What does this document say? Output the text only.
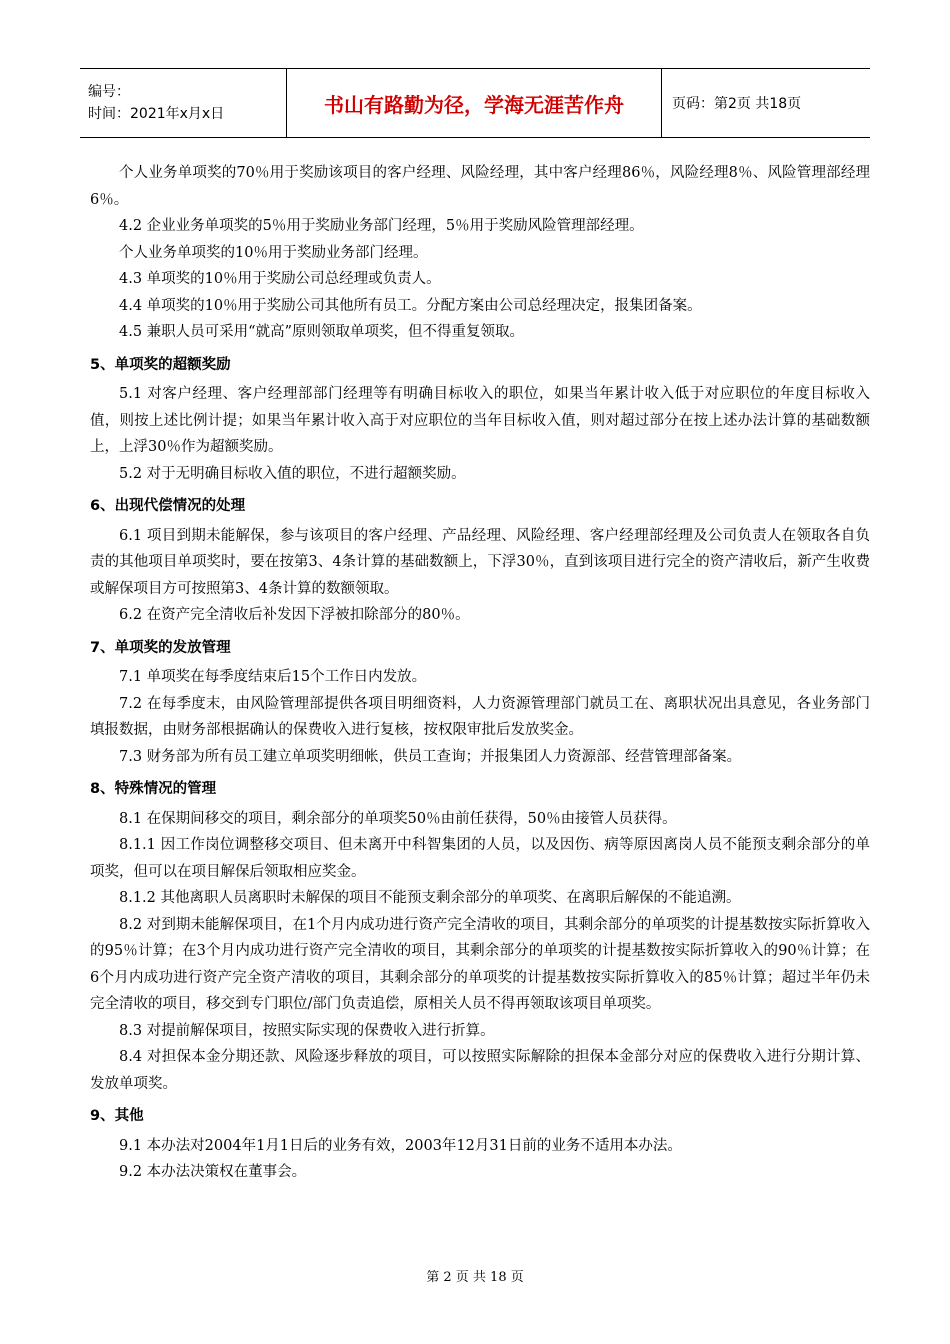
编号：
时间：2021年x月x日	书山有路勤为径，学海无涯苦作舟	页码：第2页 共18页

个人业务单项奖的70％用于奖励该项目的客户经理、风险经理，其中客户经理86％，风险经理8％、风险管理部经理6％。

4.2 企业业务单项奖的5％用于奖励业务部门经理，5％用于奖励风险管理部经理。

个人业务单项奖的10％用于奖励业务部门经理。

4.3 单项奖的10％用于奖励公司总经理或负责人。

4.4 单项奖的10％用于奖励公司其他所有员工。分配方案由公司总经理决定，报集团备案。

4.5 兼职人员可采用“就高”原则领取单项奖，但不得重复领取。

5、单项奖的超额奖励

5.1 对客户经理、客户经理部部门经理等有明确目标收入的职位，如果当年累计收入低于对应职位的年度目标收入值，则按上述比例计提；如果当年累计收入高于对应职位的当年目标收入值，则对超过部分在按上述办法计算的基础数额上，上浮30％作为超额奖励。

5.2 对于无明确目标收入值的职位，不进行超额奖励。

6、出现代偿情况的处理

6.1 项目到期未能解保，参与该项目的客户经理、产品经理、风险经理、客户经理部经理及公司负责人在领取各自负责的其他项目单项奖时，要在按第3、4条计算的基础数额上，下浮30％，直到该项目进行完全的资产清收后，新产生收费或解保项目方可按照第3、4条计算的数额领取。

6.2 在资产完全清收后补发因下浮被扣除部分的80％。

7、单项奖的发放管理

7.1 单项奖在每季度结束后15个工作日内发放。

7.2 在每季度末，由风险管理部提供各项目明细资料，人力资源管理部门就员工在、离职状况出具意见，各业务部门填报数据，由财务部根据确认的保费收入进行复核，按权限审批后发放奖金。

7.3 财务部为所有员工建立单项奖明细帐，供员工查询；并报集团人力资源部、经营管理部备案。

8、特殊情况的管理

8.1 在保期间移交的项目，剩余部分的单项奖50％由前任获得，50％由接管人员获得。

8.1.1 因工作岗位调整移交项目、但未离开中科智集团的人员，以及因伤、病等原因离岗人员不能预支剩余部分的单项奖，但可以在项目解保后领取相应奖金。

8.1.2 其他离职人员离职时未解保的项目不能预支剩余部分的单项奖、在离职后解保的不能追溯。

8.2 对到期未能解保项目，在1个月内成功进行资产完全清收的项目，其剩余部分的单项奖的计提基数按实际折算收入的95％计算；在3个月内成功进行资产完全清收的项目，其剩余部分的单项奖的计提基数按实际折算收入的90％计算；在6个月内成功进行资产完全资产清收的项目，其剩余部分的单项奖的计提基数按实际折算收入的85％计算；超过半年仍未完全清收的项目，移交到专门职位/部门负责追偿，原相关人员不得再领取该项目单项奖。

8.3 对提前解保项目，按照实际实现的保费收入进行折算。

8.4 对担保本金分期还款、风险逐步释放的项目，可以按照实际解除的担保本金部分对应的保费收入进行分期计算、发放单项奖。

9、其他

9.1 本办法对2004年1月1日后的业务有效，2003年12月31日前的业务不适用本办法。

9.2 本办法决策权在董事会。

第 2 页 共 18 页
